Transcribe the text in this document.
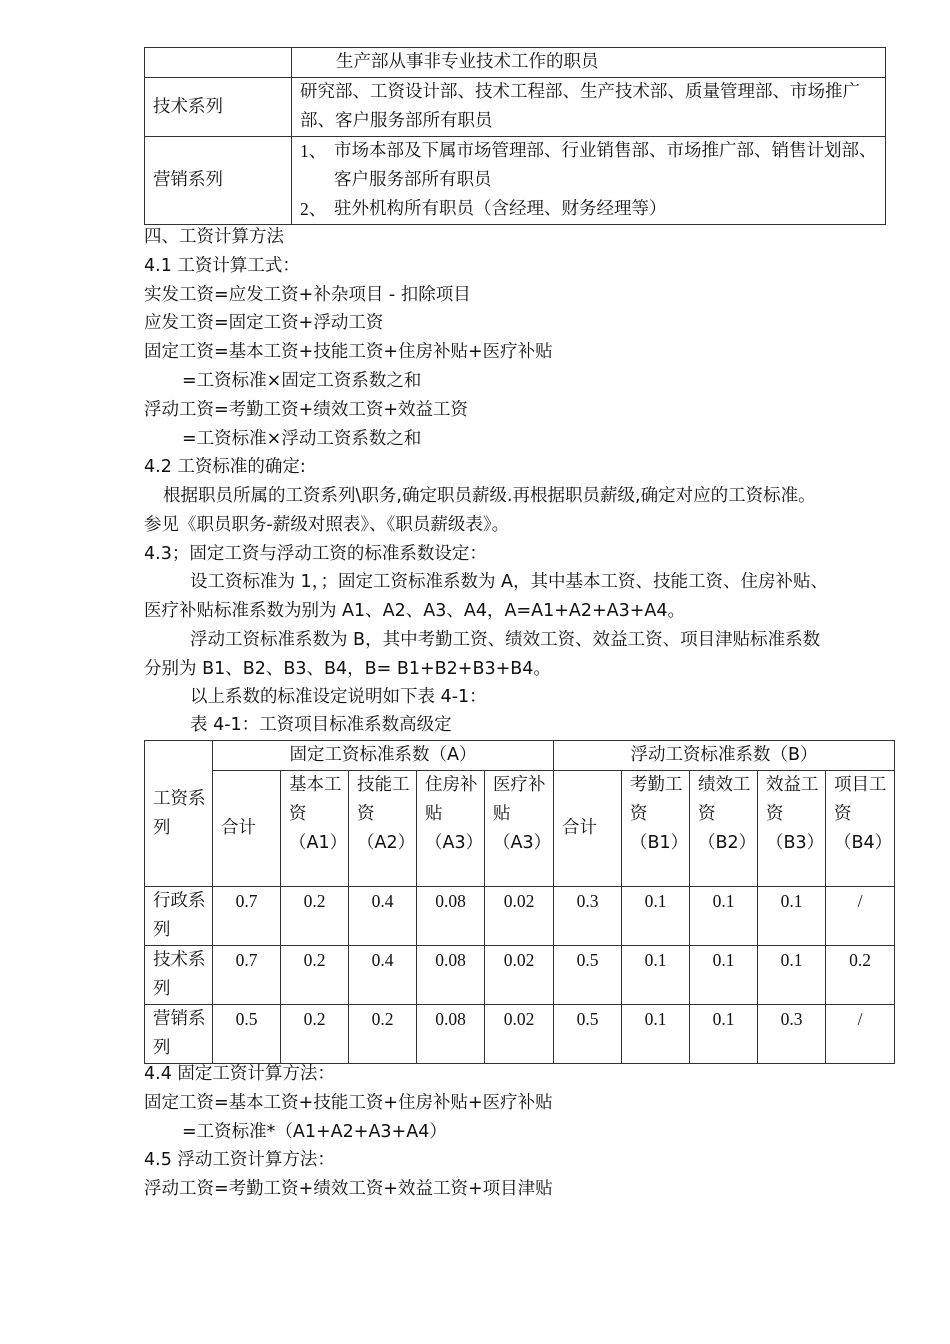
	生产部从事非专业技术工作的职员
技术系列	研究部、工资设计部、技术工程部、生产技术部、质量管理部、市场推广部、客户服务部所有职员
营销系列	1、 市场本部及下属市场管理部、行业销售部、市场推广部、销售计划部、客户服务部所有职员
2、 驻外机构所有职员（含经理、财务经理等）
四、工资计算方法
4.1 工资计算工式：
实发工资=应发工资+补杂项目 - 扣除项目
应发工资=固定工资+浮动工资
固定工资=基本工资+技能工资+住房补贴+医疗补贴
=工资标准×固定工资系数之和
浮动工资=考勤工资+绩效工资+效益工资
=工资标准×浮动工资系数之和
4.2 工资标准的确定:
根据职员所属的工资系列\职务,确定职员薪级.再根据职员薪级,确定对应的工资标准。
参见《职员职务-薪级对照表》、《职员薪级表》。
4.3；固定工资与浮动工资的标准系数设定：
设工资标准为 1，；固定工资标准系数为 A，其中基本工资、技能工资、住房补贴、
医疗补贴标准系数为别为 A1、A2、A3、A4，A=A1+A2+A3+A4。
浮动工资标准系数为 B，其中考勤工资、绩效工资、效益工资、项目津贴标准系数
分别为 B1、B2、B3、B4，B= B1+B2+B3+B4。
以上系数的标准设定说明如下表 4-1：
表 4-1：工资项目标准系数高级定
工资系列	固定工资标准系数（A）					浮动工资标准系数（B）				
	合计	基本工资（A1）	技能工资（A2）	住房补贴（A3）	医疗补贴（A3）	合计	考勤工资（B1）	绩效工资（B2）	效益工资（B3）	项目工资（B4）
行政系列	0.7	0.2	0.4	0.08	0.02	0.3	0.1	0.1	0.1	/
技术系列	0.7	0.2	0.4	0.08	0.02	0.5	0.1	0.1	0.1	0.2
营销系列	0.5	0.2	0.2	0.08	0.02	0.5	0.1	0.1	0.3	/
4.4 固定工资计算方法：
固定工资=基本工资+技能工资+住房补贴+医疗补贴
=工资标准*（A1+A2+A3+A4）
4.5 浮动工资计算方法：
浮动工资=考勤工资+绩效工资+效益工资+项目津贴
